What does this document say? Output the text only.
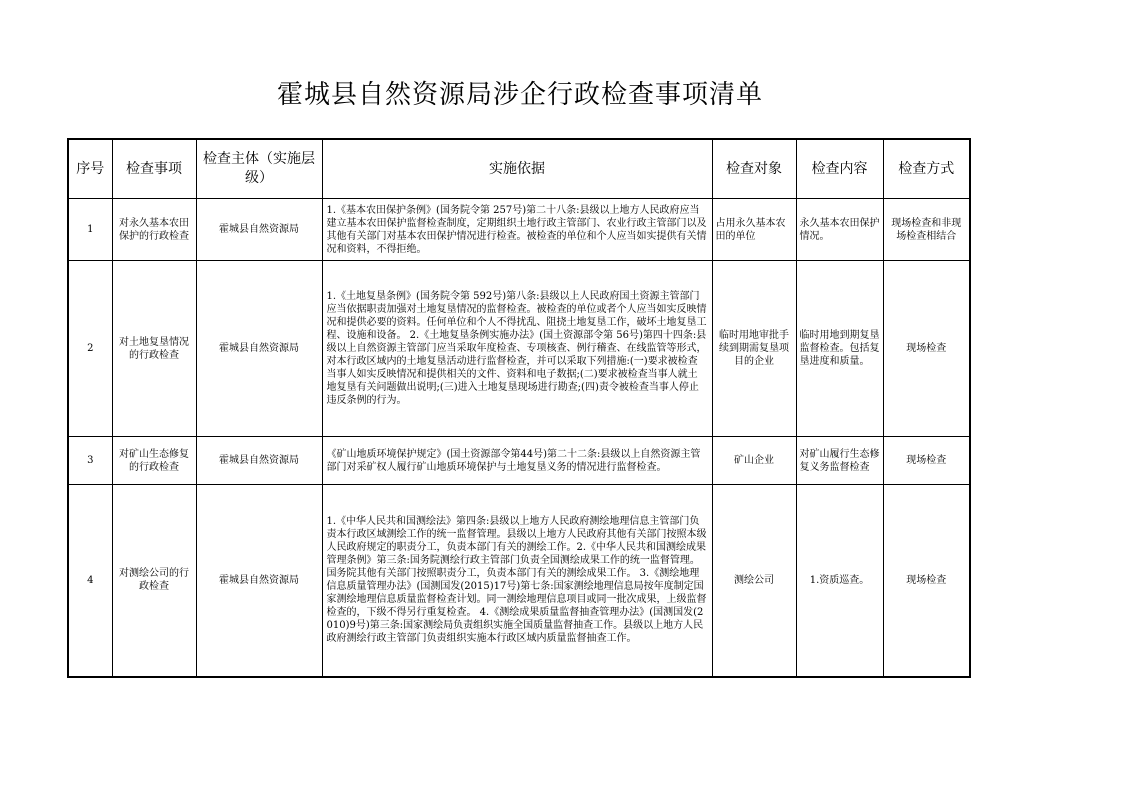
霍城县自然资源局涉企行政检查事项清单
序号	检查事项	检查主体（实施层级）	实施依据	检查对象	检查内容	检查方式
1	对永久基本农田保护的行政检查	霍城县自然资源局	1.《基本农田保护条例》(国务院令第 257号)第二十八条:县级以上地方人民政府应当建立基本农田保护监督检查制度，定期组织土地行政主管部门、农业行政主管部门以及其他有关部门对基本农田保护情况进行检查。被检查的单位和个人应当如实提供有关情况和资料，不得拒绝。	占用永久基本农田的单位	永久基本农田保护情况。	现场检查和非现场检查相结合
2	对土地复垦情况的行政检查	霍城县自然资源局	1.《土地复垦条例》(国务院令第 592号)第八条:县级以上人民政府国土资源主管部门应当依据职责加强对土地复垦情况的监督检查。被检查的单位或者个人应当如实反映情况和提供必要的资料。任何单位和个人不得扰乱、阻挠土地复垦工作，破坏土地复垦工程、设施和设备。 2.《土地复垦条例实施办法》(国土资源部令第 56号)第四十四条:县级以上自然资源主管部门应当采取年度检查、专项核查、例行稽查、在线监管等形式，对本行政区域内的土地复垦活动进行监督检查，并可以采取下列措施:(一)要求被检查当事人如实反映情况和提供相关的文件、资料和电子数据;(二)要求被检查当事人就土地复垦有关问题做出说明;(三)进入土地复垦现场进行勘查;(四)责令被检查当事人停止违反条例的行为。	临时用地审批手续到期需复垦项目的企业	临时用地到期复垦监督检查。包括复垦进度和质量。	现场检查
3	对矿山生态修复的行政检查	霍城县自然资源局	《矿山地质环境保护规定》(国土资源部令第44号)第二十二条:县级以上自然资源主管部门对采矿权人履行矿山地质环境保护与土地复垦义务的情况进行监督检查。	矿山企业	对矿山履行生态修复义务监督检查	现场检查
4	对测绘公司的行政检查	霍城县自然资源局	1.《中华人民共和国测绘法》第四条:县级以上地方人民政府测绘地理信息主管部门负责本行政区域测绘工作的统一监督管理。县级以上地方人民政府其他有关部门按照本级人民政府规定的职责分工，负责本部门有关的测绘工作。2.《中华人民共和国测绘成果管理条例》第三条:国务院测绘行政主管部门负责全国测绘成果工作的统一监督管理。国务院其他有关部门按照职责分工，负责本部门有关的测绘成果工作。 3.《测绘地理信息质量管理办法》(国测国发(2015)17号)第七条:国家测绘地理信息局按年度制定国家测绘地理信息质量监督检查计划。同一测绘地理信息项目或同一批次成果，上级监督检查的，下级不得另行重复检查。 4.《测绘成果质量监督抽查管理办法》(国测国发(2010)9号)第三条:国家测绘局负责组织实施全国质量监督抽查工作。县级以上地方人民政府测绘行政主管部门负责组织实施本行政区域内质量监督抽查工作。	测绘公司	1.资质巡查。	现场检查
